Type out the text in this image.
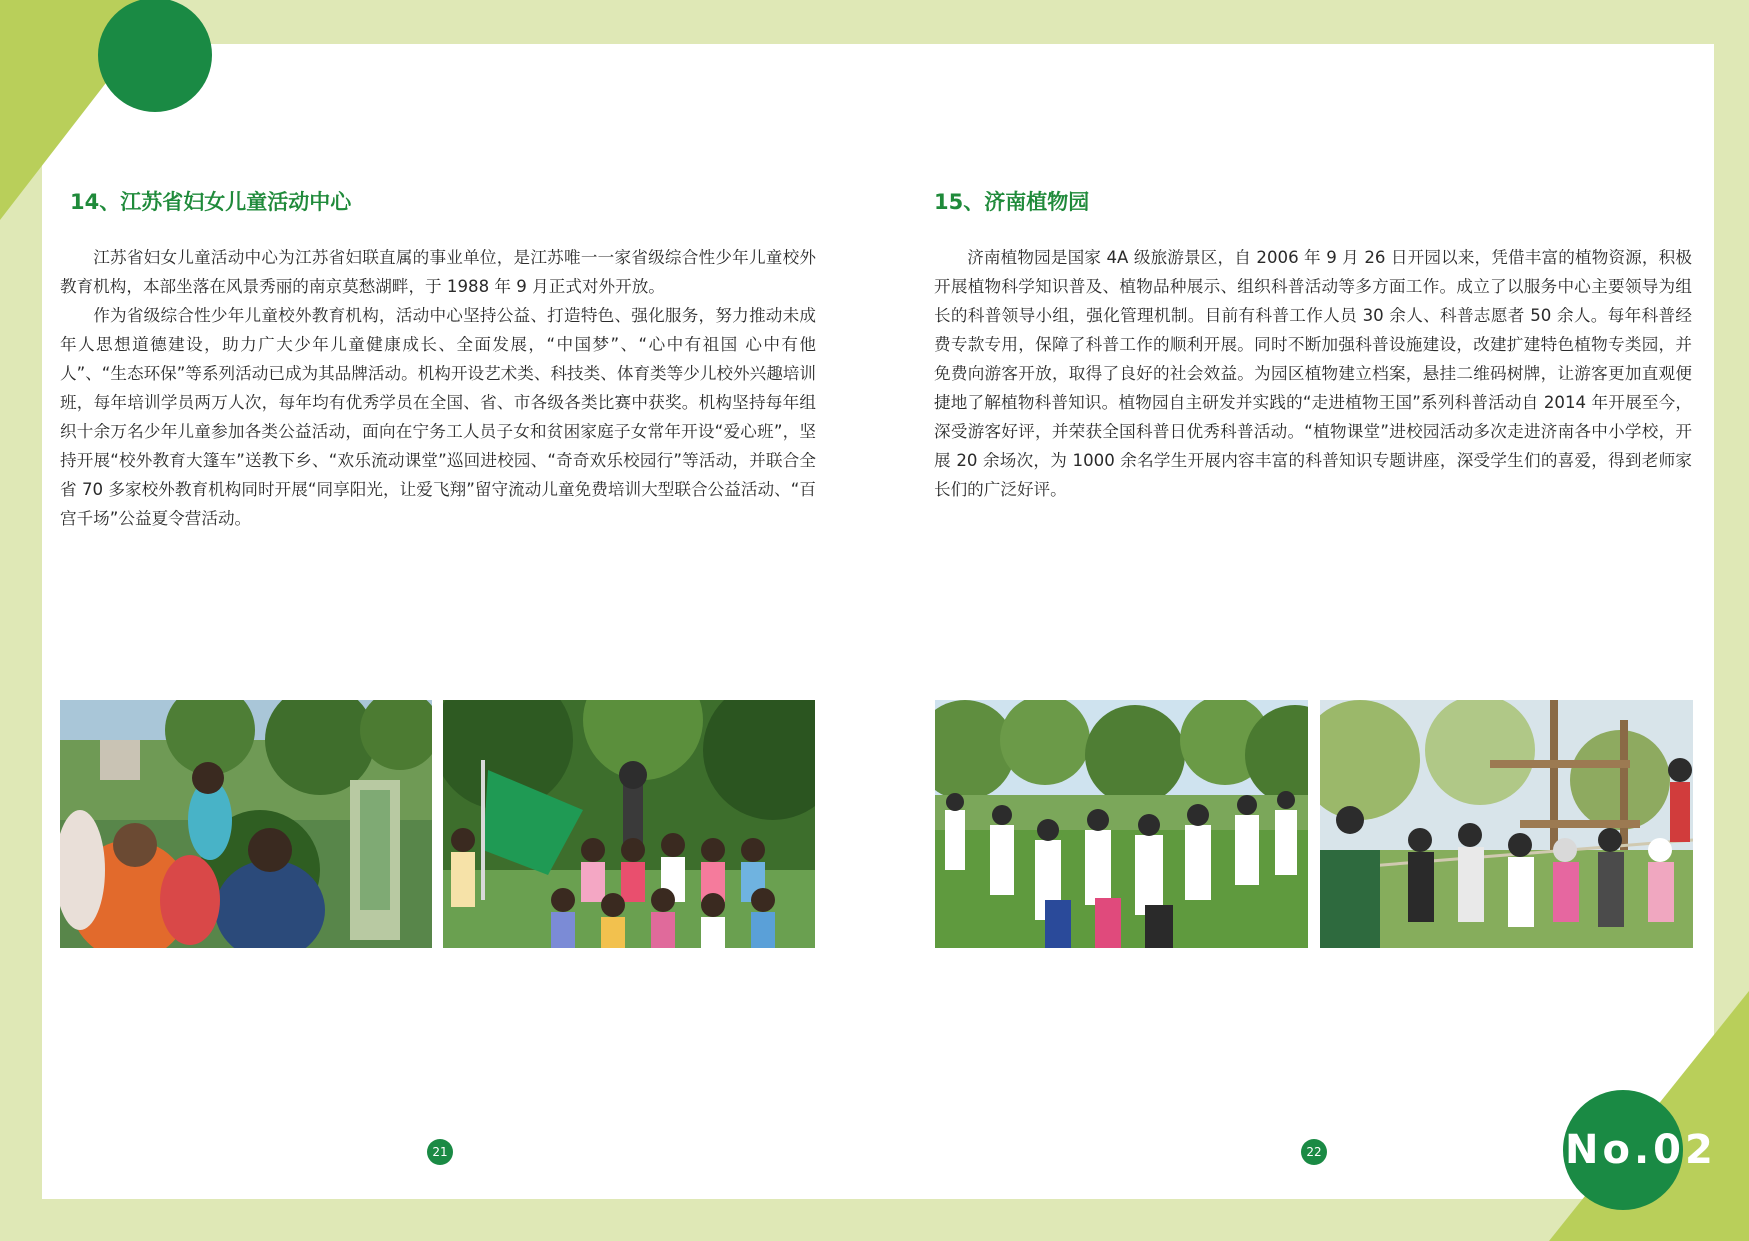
No.02
14、江苏省妇女儿童活动中心

江苏省妇女儿童活动中心为江苏省妇联直属的事业单位，是江苏唯一一家省级综合性少年儿童校外教育机构，本部坐落在风景秀丽的南京莫愁湖畔，于 1988 年 9 月正式对外开放。

作为省级综合性少年儿童校外教育机构，活动中心坚持公益、打造特色、强化服务，努力推动未成年人思想道德建设，助力广大少年儿童健康成长、全面发展，“中国梦”、“心中有祖国 心中有他人”、“生态环保”等系列活动已成为其品牌活动。机构开设艺术类、科技类、体育类等少儿校外兴趣培训班，每年培训学员两万人次，每年均有优秀学员在全国、省、市各级各类比赛中获奖。机构坚持每年组织十余万名少年儿童参加各类公益活动，面向在宁务工人员子女和贫困家庭子女常年开设“爱心班”，坚持开展“校外教育大篷车”送教下乡、“欢乐流动课堂”巡回进校园、“奇奇欢乐校园行”等活动，并联合全省 70 多家校外教育机构同时开展“同享阳光，让爱飞翔”留守流动儿童免费培训大型联合公益活动、“百宫千场”公益夏令营活动。

15、济南植物园

济南植物园是国家 4A 级旅游景区，自 2006 年 9 月 26 日开园以来，凭借丰富的植物资源，积极开展植物科学知识普及、植物品种展示、组织科普活动等多方面工作。成立了以服务中心主要领导为组长的科普领导小组，强化管理机制。目前有科普工作人员 30 余人、科普志愿者 50 余人。每年科普经费专款专用，保障了科普工作的顺利开展。同时不断加强科普设施建设，改建扩建特色植物专类园，并免费向游客开放，取得了良好的社会效益。为园区植物建立档案，悬挂二维码树牌，让游客更加直观便捷地了解植物科普知识。植物园自主研发并实践的“走进植物王国”系列科普活动自 2014 年开展至今，深受游客好评，并荣获全国科普日优秀科普活动。“植物课堂”进校园活动多次走进济南各中小学校，开展 20 余场次，为 1000 余名学生开展内容丰富的科普知识专题讲座，深受学生们的喜爱，得到老师家长们的广泛好评。

21	22
